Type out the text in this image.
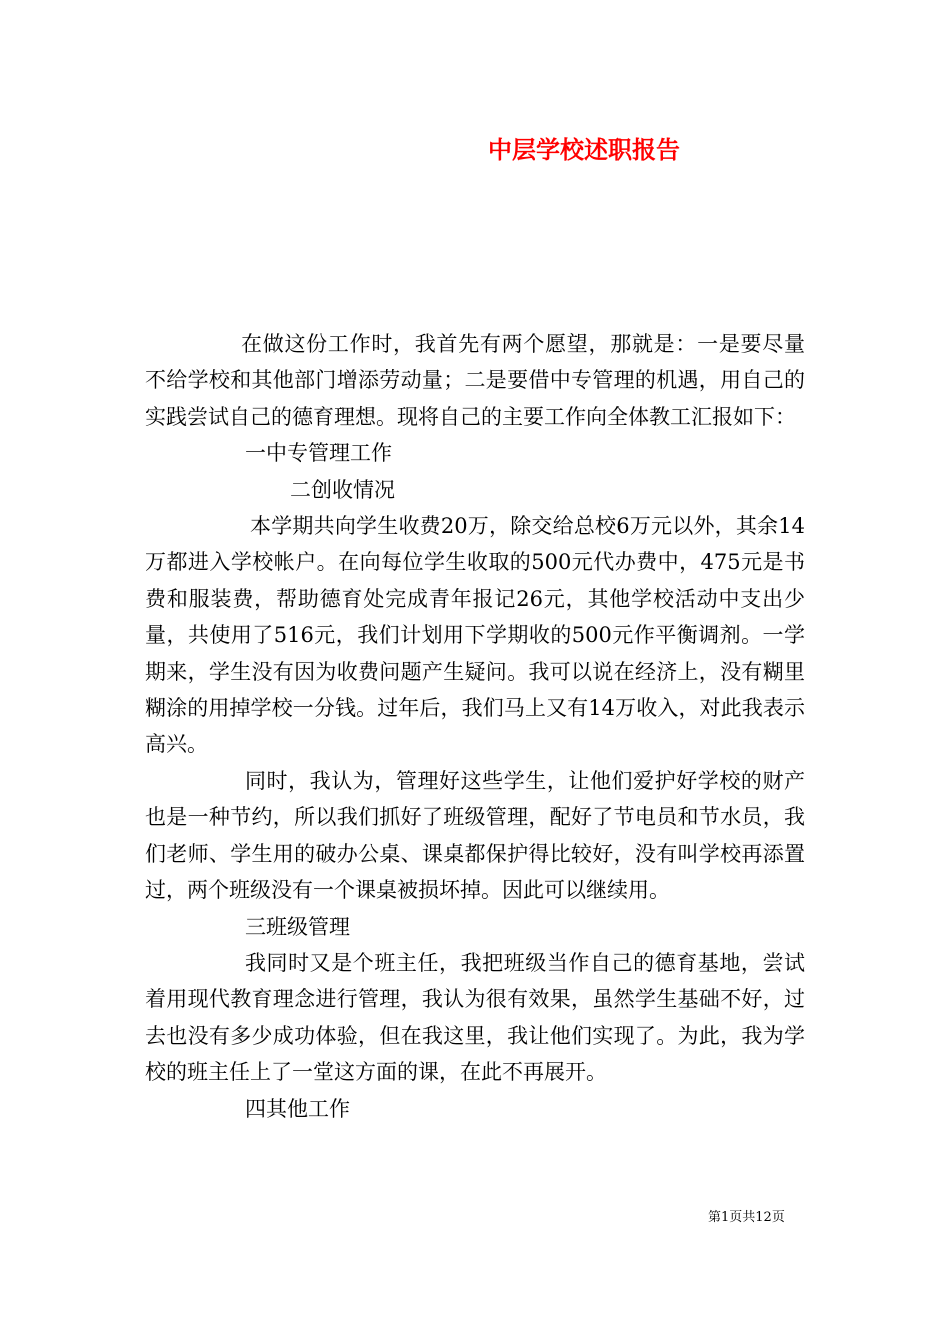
中层学校述职报告

在做这份工作时，我首先有两个愿望，那就是：一是要尽量不给学校和其他部门增添劳动量；二是要借中专管理的机遇，用自己的实践尝试自己的德育理想。现将自己的主要工作向全体教工汇报如下：

一中专管理工作

二创收情况

本学期共向学生收费20万，除交给总校6万元以外，其余14万都进入学校帐户。在向每位学生收取的500元代办费中，475元是书费和服装费，帮助德育处完成青年报记26元，其他学校活动中支出少量，共使用了516元，我们计划用下学期收的500元作平衡调剂。一学期来，学生没有因为收费问题产生疑问。我可以说在经济上，没有糊里糊涂的用掉学校一分钱。过年后，我们马上又有14万收入，对此我表示高兴。

同时，我认为，管理好这些学生，让他们爱护好学校的财产也是一种节约，所以我们抓好了班级管理，配好了节电员和节水员，我们老师、学生用的破办公桌、课桌都保护得比较好，没有叫学校再添置过，两个班级没有一个课桌被损坏掉。因此可以继续用。

三班级管理

我同时又是个班主任，我把班级当作自己的德育基地，尝试着用现代教育理念进行管理，我认为很有效果，虽然学生基础不好，过去也没有多少成功体验，但在我这里，我让他们实现了。为此，我为学校的班主任上了一堂这方面的课，在此不再展开。

四其他工作

第1页共12页
